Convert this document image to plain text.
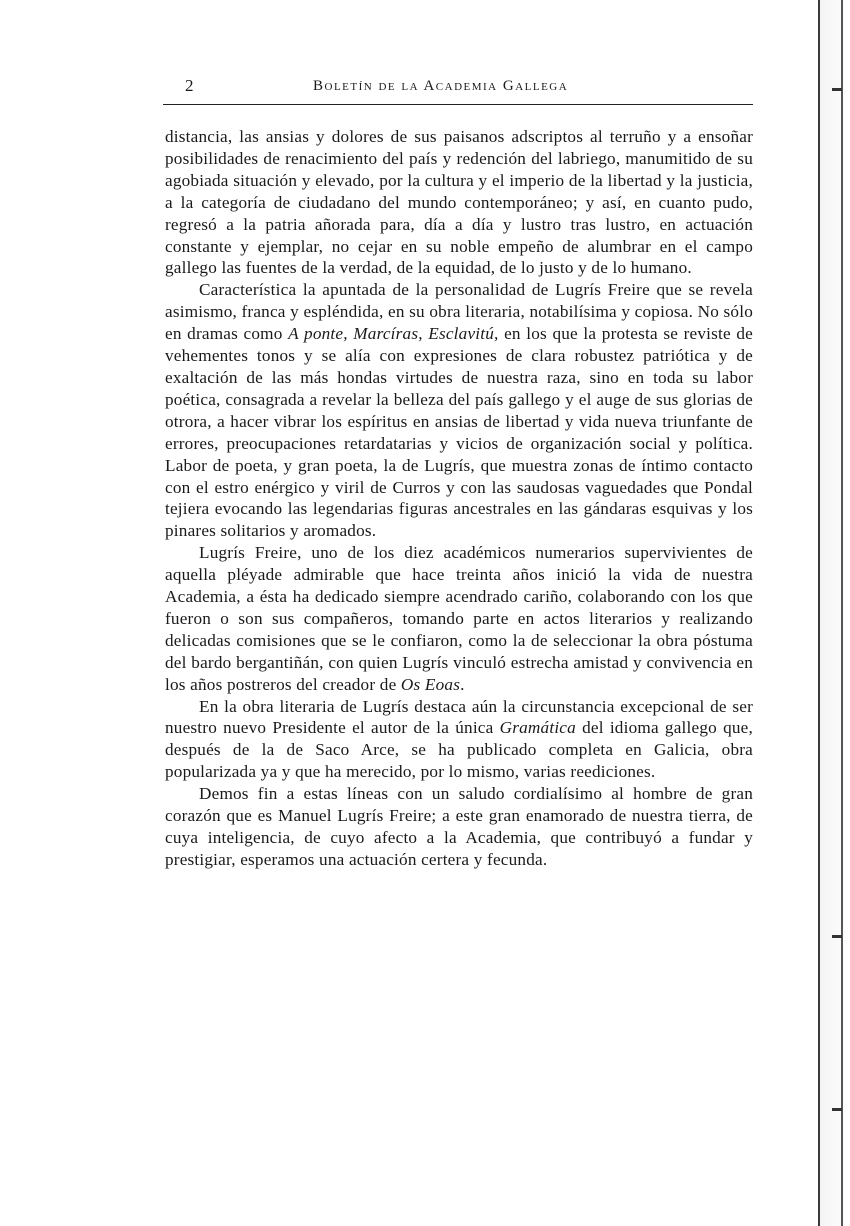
2	Boletín de la Academia Gallega

distancia, las ansias y dolores de sus paisanos adscriptos al terruño y a ensoñar posibilidades de renacimiento del país y redención del labriego, manumitido de su agobiada situación y elevado, por la cultura y el imperio de la libertad y la justicia, a la categoría de ciudadano del mundo contemporáneo; y así, en cuanto pudo, regresó a la patria añorada para, día a día y lustro tras lustro, en actuación constante y ejemplar, no cejar en su noble empeño de alumbrar en el campo gallego las fuentes de la verdad, de la equidad, de lo justo y de lo humano.

Característica la apuntada de la personalidad de Lugrís Freire que se revela asimismo, franca y espléndida, en su obra literaria, notabilísima y copiosa. No sólo en dramas como A ponte, Marcíras, Esclavitú, en los que la protesta se reviste de vehementes tonos y se alía con expresiones de clara robustez patriótica y de exaltación de las más hondas virtudes de nuestra raza, sino en toda su labor poética, consagrada a revelar la belleza del país gallego y el auge de sus glorias de otrora, a hacer vibrar los espíritus en ansias de libertad y vida nueva triunfante de errores, preocupaciones retardatarias y vicios de organización social y política. Labor de poeta, y gran poeta, la de Lugrís, que muestra zonas de íntimo contacto con el estro enérgico y viril de Curros y con las saudosas vaguedades que Pondal tejiera evocando las legendarias figuras ancestrales en las gándaras esquivas y los pinares solitarios y aromados.

Lugrís Freire, uno de los diez académicos numerarios supervivientes de aquella pléyade admirable que hace treinta años inició la vida de nuestra Academia, a ésta ha dedicado siempre acendrado cariño, colaborando con los que fueron o son sus compañeros, tomando parte en actos literarios y realizando delicadas comisiones que se le confiaron, como la de seleccionar la obra póstuma del bardo bergantiñán, con quien Lugrís vinculó estrecha amistad y convivencia en los años postreros del creador de Os Eoas.

En la obra literaria de Lugrís destaca aún la circunstancia excepcional de ser nuestro nuevo Presidente el autor de la única Gramática del idioma gallego que, después de la de Saco Arce, se ha publicado completa en Galicia, obra popularizada ya y que ha merecido, por lo mismo, varias reediciones.

Demos fin a estas líneas con un saludo cordialísimo al hombre de gran corazón que es Manuel Lugrís Freire; a este gran enamorado de nuestra tierra, de cuya inteligencia, de cuyo afecto a la Academia, que contribuyó a fundar y prestigiar, esperamos una actuación certera y fecunda.
